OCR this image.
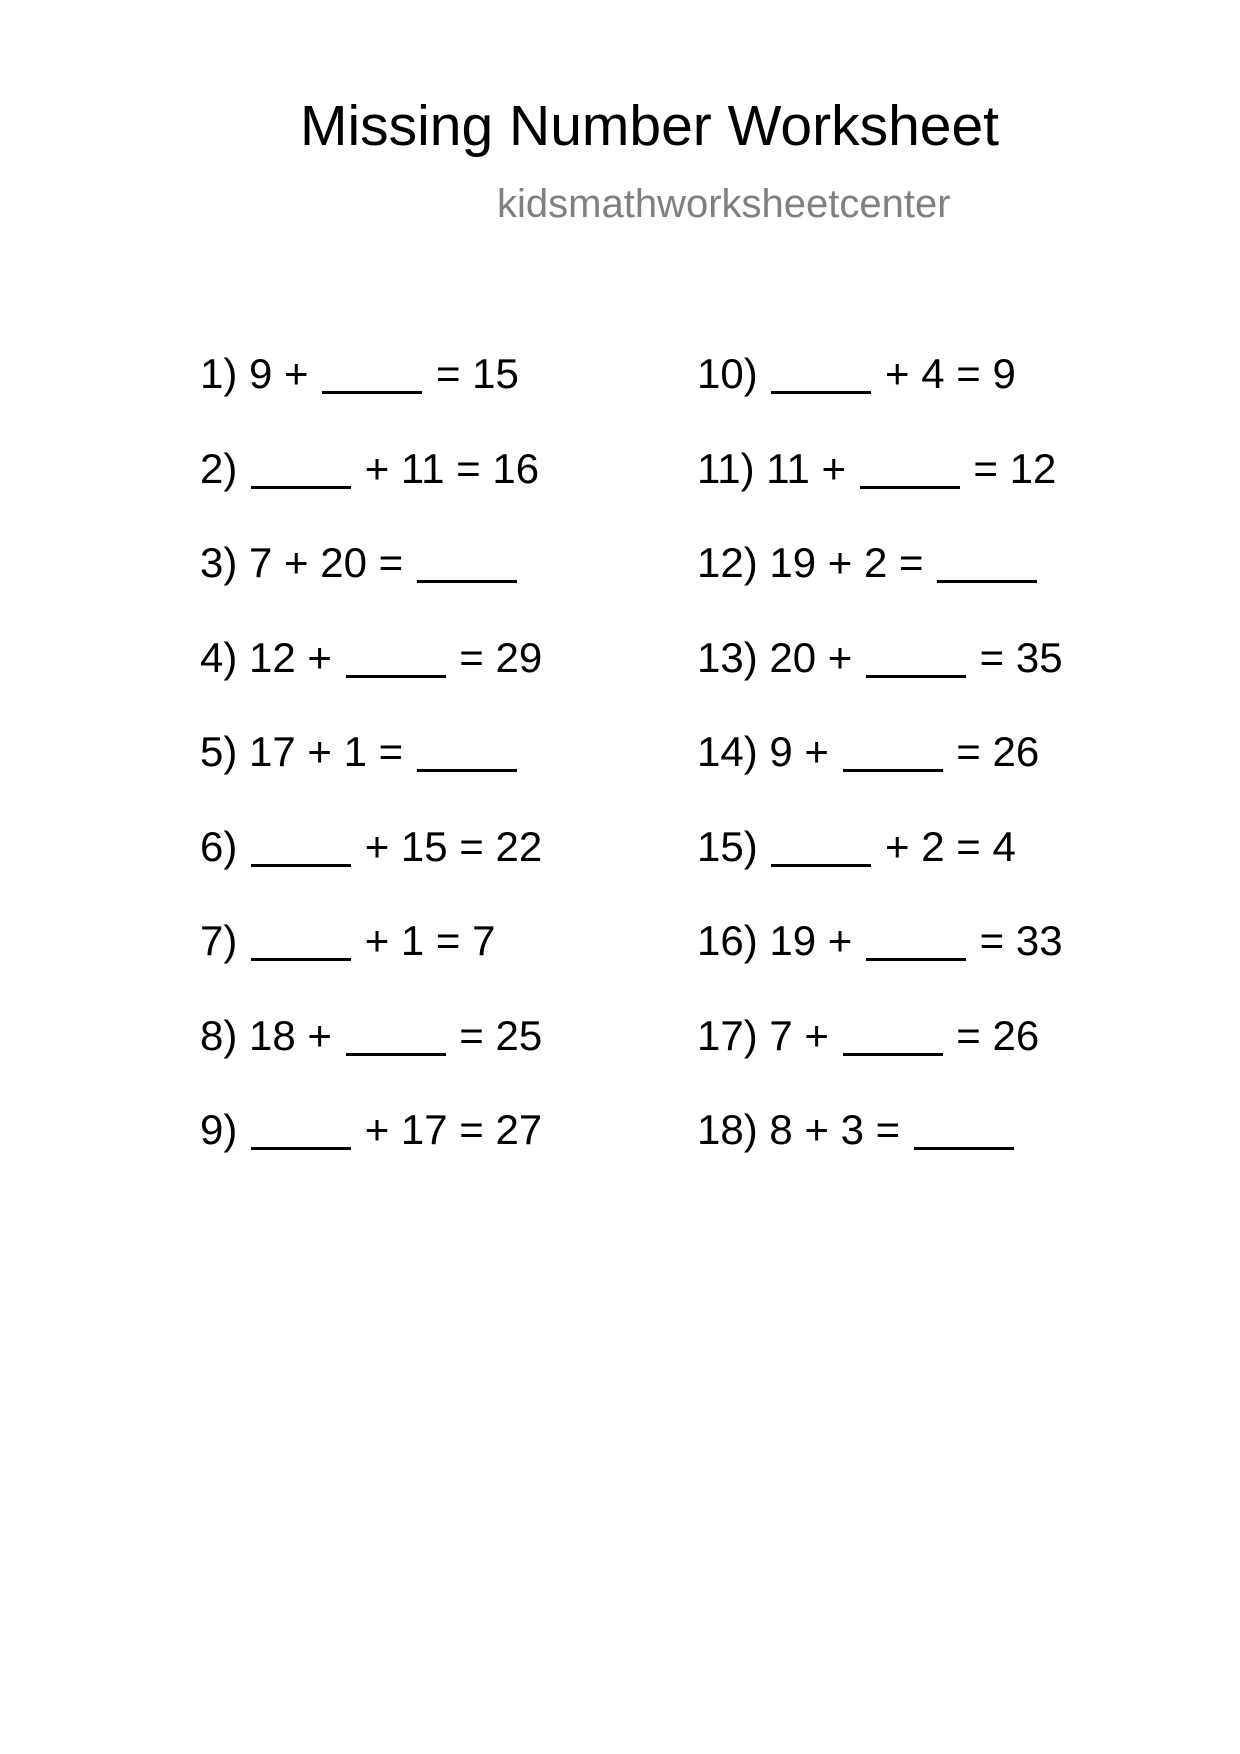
Missing Number Worksheet
kidsmathworksheetcenter
1) 9 +	= 15
2)	+ 11 = 16
3) 7 + 20 =
4) 12 +	= 29
5) 17 + 1 =
6)	+ 15 = 22
7)	+ 1 = 7
8) 18 +	= 25
9)	+ 17 = 27
10)	+ 4 = 9
11) 11 +	= 12
12) 19 + 2 =
13) 20 +	= 35
14) 9 +	= 26
15)	+ 2 = 4
16) 19 +	= 33
17) 7 +	= 26
18) 8 + 3 =
